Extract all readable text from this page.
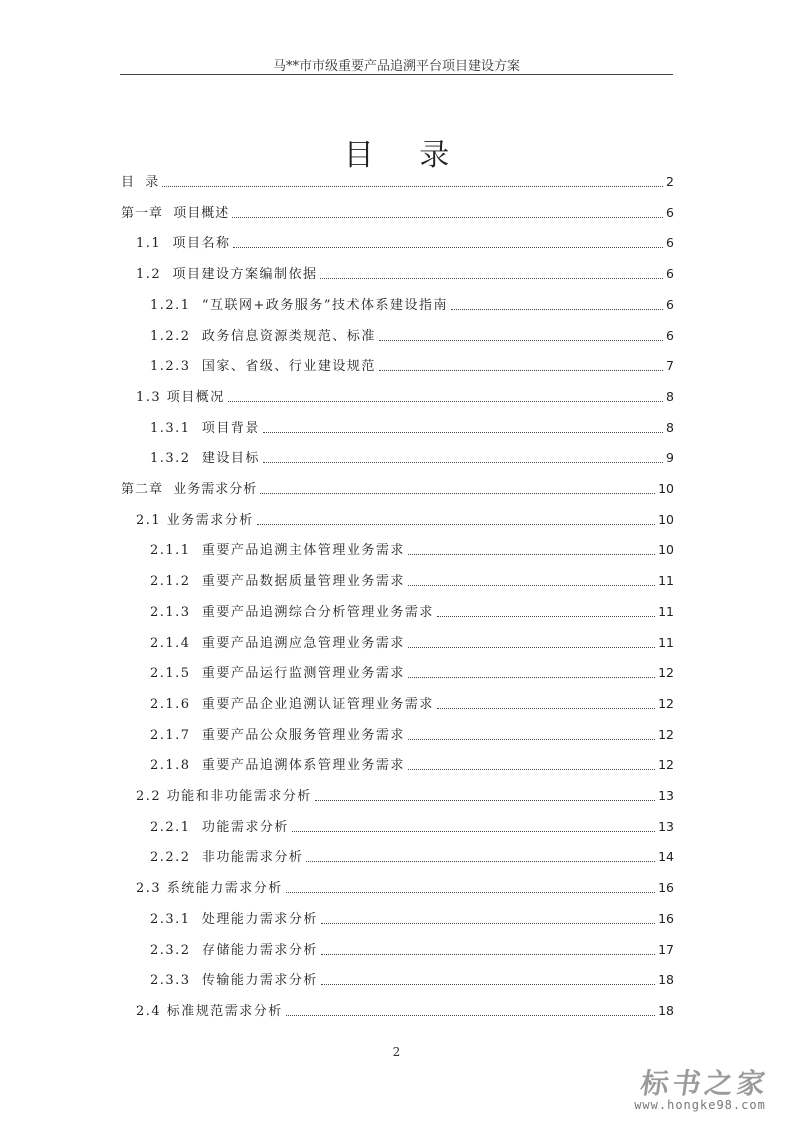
马**市市级重要产品追溯平台项目建设方案
目 录
目  录	2
第一章  项目概述	6
1.1  项目名称	6
1.2  项目建设方案编制依据	6
1.2.1  “互联网+政务服务”技术体系建设指南	6
1.2.2  政务信息资源类规范、标准	6
1.2.3  国家、省级、行业建设规范	7
1.3 项目概况	8
1.3.1  项目背景	8
1.3.2  建设目标	9
第二章  业务需求分析	10
2.1 业务需求分析	10
2.1.1  重要产品追溯主体管理业务需求	10
2.1.2  重要产品数据质量管理业务需求	11
2.1.3  重要产品追溯综合分析管理业务需求	11
2.1.4  重要产品追溯应急管理业务需求	11
2.1.5  重要产品运行监测管理业务需求	12
2.1.6  重要产品企业追溯认证管理业务需求	12
2.1.7  重要产品公众服务管理业务需求	12
2.1.8  重要产品追溯体系管理业务需求	12
2.2 功能和非功能需求分析	13
2.2.1  功能需求分析	13
2.2.2  非功能需求分析	14
2.3 系统能力需求分析	16
2.3.1  处理能力需求分析	16
2.3.2  存储能力需求分析	17
2.3.3  传输能力需求分析	18
2.4 标准规范需求分析	18
2
标书之家
www.hongke98.com
